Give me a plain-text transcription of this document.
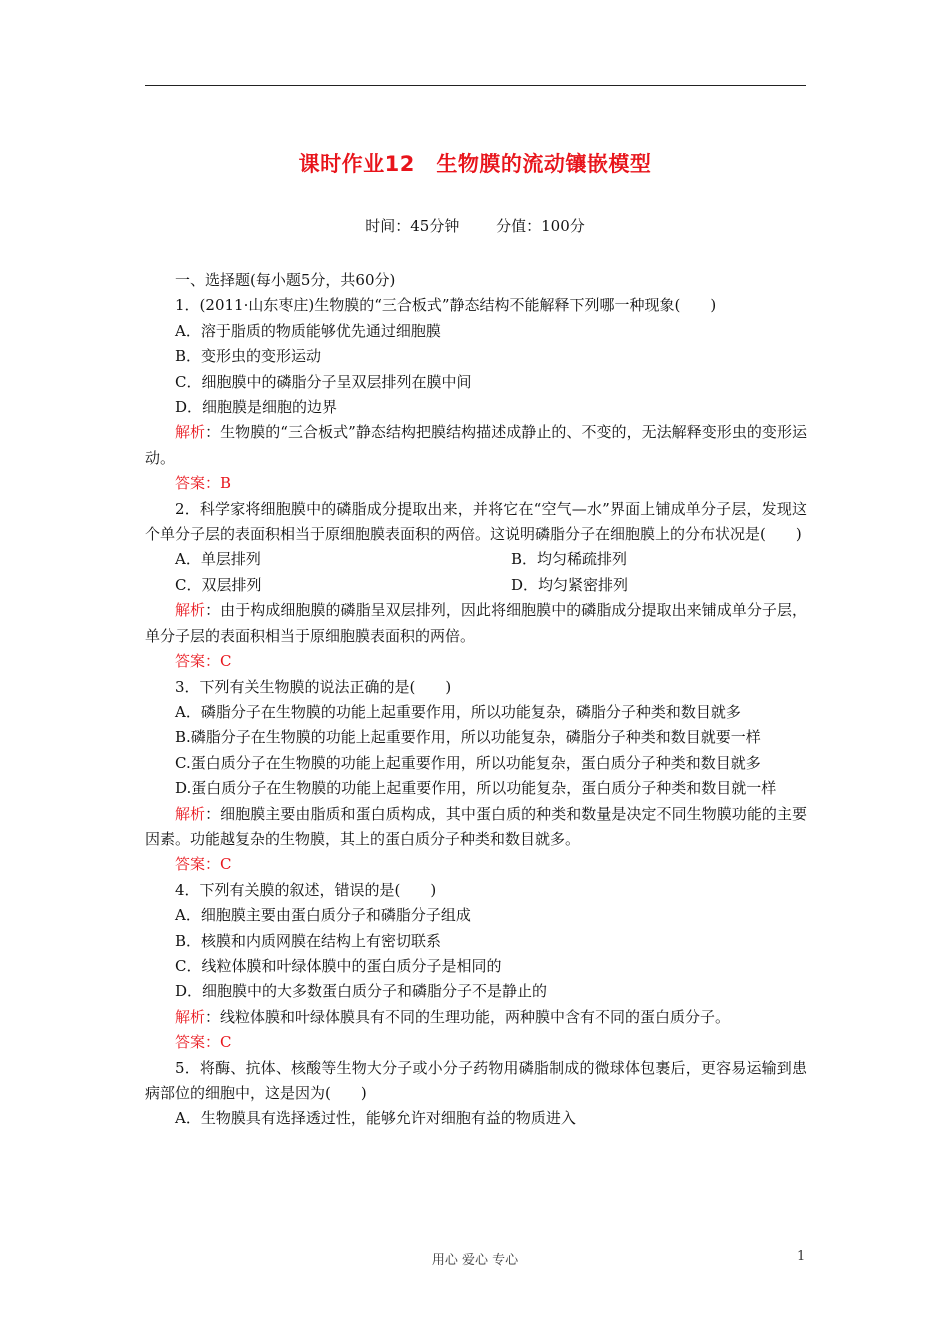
课时作业12　生物膜的流动镶嵌模型
时间：45分钟 分值：100分

一、选择题(每小题5分，共60分)

1．(2011·山东枣庄)生物膜的“三合板式”静态结构不能解释下列哪一种现象(　　)

A．溶于脂质的物质能够优先通过细胞膜

B．变形虫的变形运动

C．细胞膜中的磷脂分子呈双层排列在膜中间

D．细胞膜是细胞的边界

解析：生物膜的“三合板式”静态结构把膜结构描述成静止的、不变的，无法解释变形虫的变形运动。

答案：B

2．科学家将细胞膜中的磷脂成分提取出来，并将它在“空气—水”界面上铺成单分子层，发现这个单分子层的表面积相当于原细胞膜表面积的两倍。这说明磷脂分子在细胞膜上的分布状况是(　　)

A．单层排列	B．均匀稀疏排列
C．双层排列	D．均匀紧密排列

解析：由于构成细胞膜的磷脂呈双层排列，因此将细胞膜中的磷脂成分提取出来铺成单分子层，单分子层的表面积相当于原细胞膜表面积的两倍。

答案：C

3．下列有关生物膜的说法正确的是(　　)

A．磷脂分子在生物膜的功能上起重要作用，所以功能复杂，磷脂分子种类和数目就多

B.磷脂分子在生物膜的功能上起重要作用，所以功能复杂，磷脂分子种类和数目就要一样

C.蛋白质分子在生物膜的功能上起重要作用，所以功能复杂，蛋白质分子种类和数目就多

D.蛋白质分子在生物膜的功能上起重要作用，所以功能复杂，蛋白质分子种类和数目就一样

解析：细胞膜主要由脂质和蛋白质构成，其中蛋白质的种类和数量是决定不同生物膜功能的主要因素。功能越复杂的生物膜，其上的蛋白质分子种类和数目就多。

答案：C

4．下列有关膜的叙述，错误的是(　　)

A．细胞膜主要由蛋白质分子和磷脂分子组成

B．核膜和内质网膜在结构上有密切联系

C．线粒体膜和叶绿体膜中的蛋白质分子是相同的

D．细胞膜中的大多数蛋白质分子和磷脂分子不是静止的

解析：线粒体膜和叶绿体膜具有不同的生理功能，两种膜中含有不同的蛋白质分子。

答案：C

5．将酶、抗体、核酸等生物大分子或小分子药物用磷脂制成的微球体包裹后，更容易运输到患病部位的细胞中，这是因为(　　)

A．生物膜具有选择透过性，能够允许对细胞有益的物质进入

用心 爱心 专心	1
